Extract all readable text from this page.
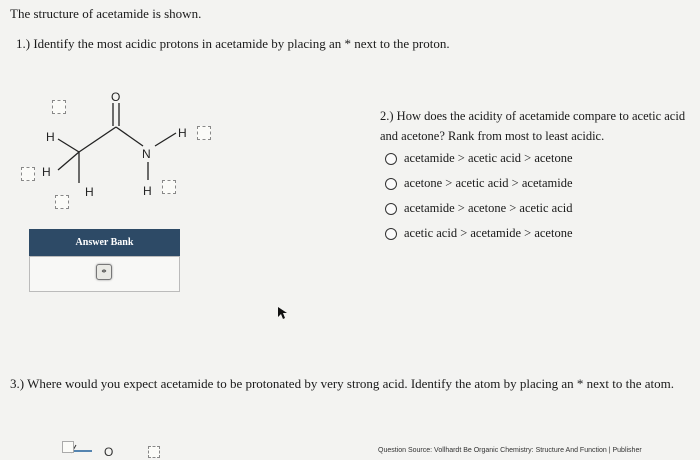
The structure of acetamide is shown.
1.) Identify the most acidic protons in acetamide by placing an * next to the proton.
O
N
H
H
H
H
H
O
Answer Bank
*
2.) How does the acidity of acetamide compare to acetic acid and acetone? Rank from most to least acidic.
acetamide > acetic acid > acetone
acetone > acetic acid > acetamide
acetamide > acetone > acetic acid
acetic acid > acetamide > acetone
3.) Where would you expect acetamide to be protonated by very strong acid. Identify the atom by placing an * next to the atom.
Question Source: Vollhardt Be Organic Chemistry: Structure And Function | Publisher
